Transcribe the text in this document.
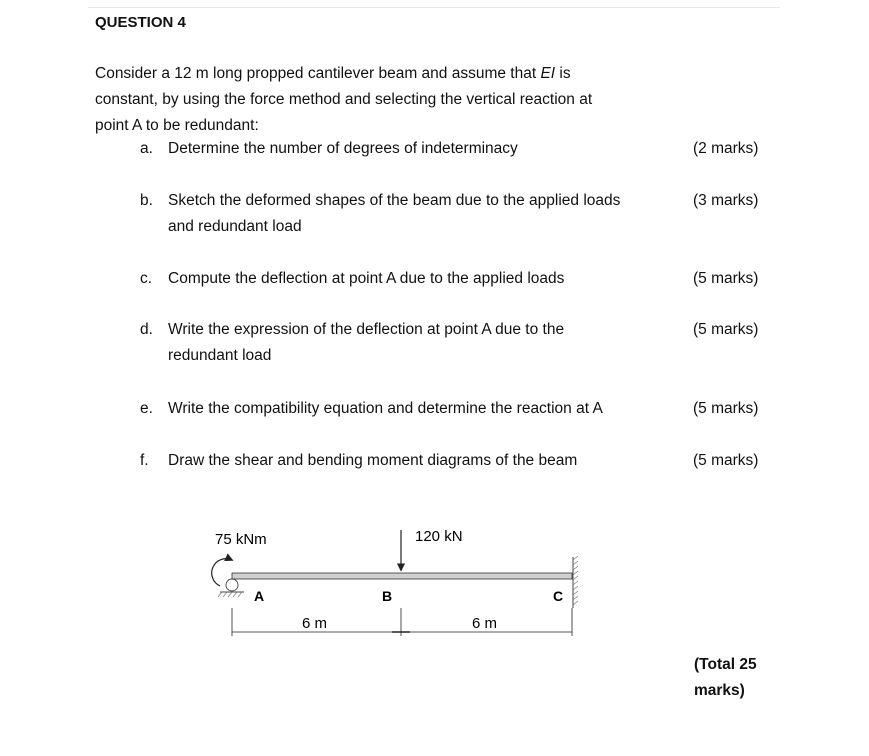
QUESTION 4
Consider a 12 m long propped cantilever beam and assume that EI is
constant, by using the force method and selecting the vertical reaction at
point A to be redundant:
a. Determine the number of degrees of indeterminacy	(2 marks)
b. Sketch the deformed shapes of the beam due to the applied loads
and redundant load
(3 marks)
c. Compute the deflection at point A due to the applied loads	(5 marks)
d. Write the expression of the deflection at point A due to the
redundant load
(5 marks)
e. Write the compatibility equation and determine the reaction at A	(5 marks)
f. Draw the shear and bending moment diagrams of the beam	(5 marks)
75 kNm	120 kN
A	B	C
6 m	6 m
(Total 25
marks)
